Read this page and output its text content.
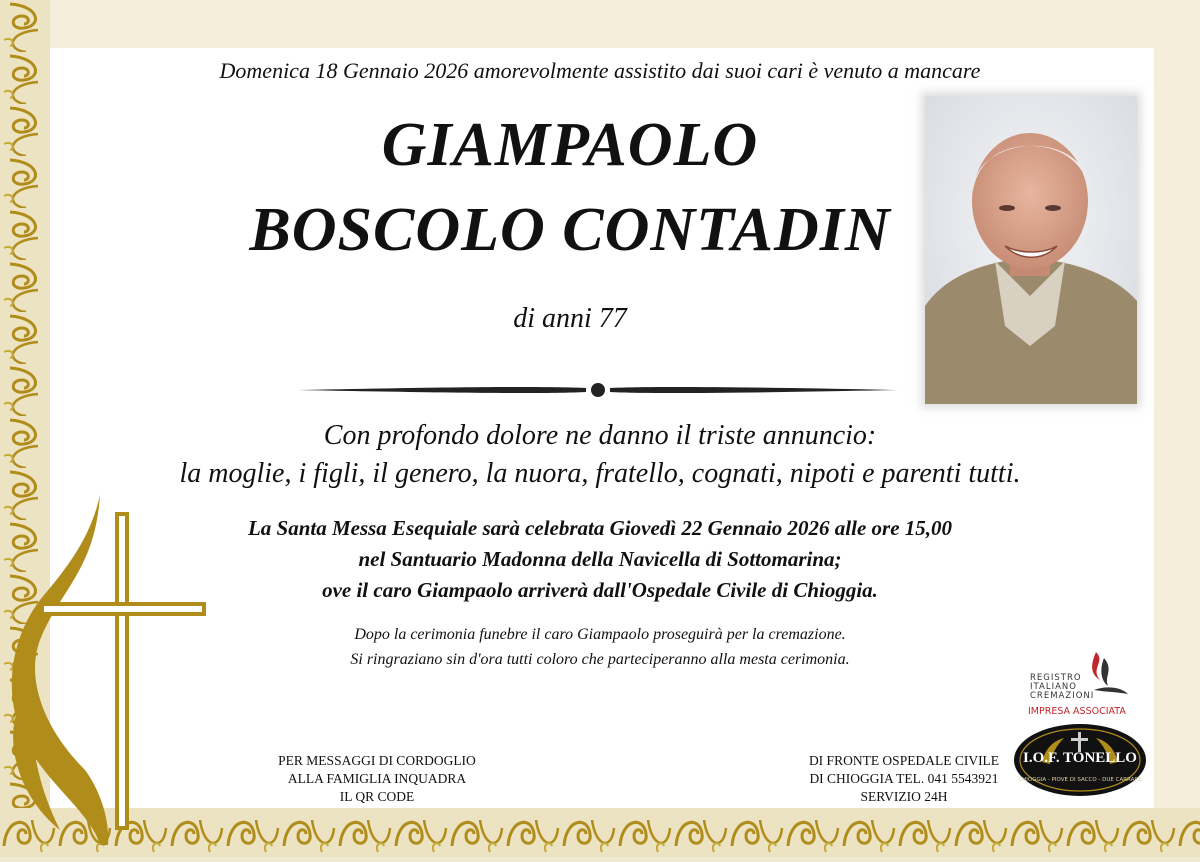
Domenica 18 Gennaio 2026 amorevolmente assistito dai suoi cari è venuto a mancare
GIAMPAOLO
BOSCOLO CONTADIN
di anni 77
Con profondo dolore ne danno il triste annuncio:
la moglie, i figli, il genero, la nuora, fratello, cognati, nipoti e parenti tutti.
La Santa Messa Esequiale sarà celebrata Giovedì 22 Gennaio 2026 alle ore 15,00
nel Santuario Madonna della Navicella di Sottomarina;
ove il caro Giampaolo arriverà dall'Ospedale Civile di Chioggia.
Dopo la cerimonia funebre il caro Giampaolo proseguirà per la cremazione.
Si ringraziano sin d'ora tutti coloro che parteciperanno alla mesta cerimonia.
PER MESSAGGI DI CORDOGLIO
ALLA FAMIGLIA INQUADRA
IL QR CODE
DI FRONTE OSPEDALE CIVILE
DI CHIOGGIA TEL. 041 5543921
SERVIZIO 24H
REGISTRO
ITALIANO
CREMAZIONI
IMPRESA ASSOCIATA
I.O.F. TONELLO
CHIOGGIA - PIOVE DI SACCO - DUE CARRARE
